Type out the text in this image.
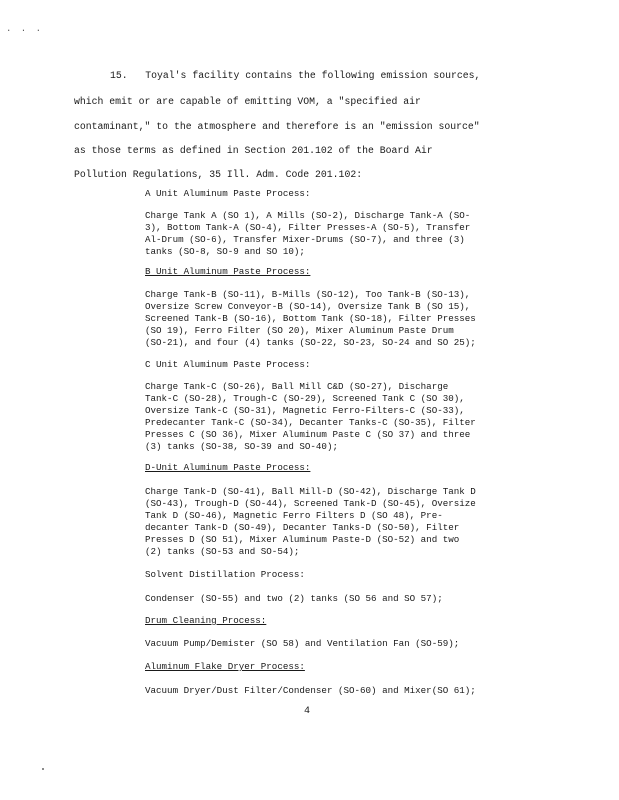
· · ·
15. Toyal's facility contains the following emission sources,
which emit or are capable of emitting VOM, a "specified air
contaminant," to the atmosphere and therefore is an "emission source"
as those terms as defined in Section 201.102 of the Board Air
Pollution Regulations, 35 Ill. Adm. Code 201.102:
A Unit Aluminum Paste Process:
Charge Tank A (SO 1), A Mills (SO-2), Discharge Tank-A (SO-
3), Bottom Tank-A (SO-4), Filter Presses-A (SO-5), Transfer
Al-Drum (SO-6), Transfer Mixer-Drums (SO-7), and three (3)
tanks (SO-8, SO-9 and SO 10);
B Unit Aluminum Paste Process:
Charge Tank-B (SO-11), B-Mills (SO-12), Too Tank-B (SO-13),
Oversize Screw Conveyor-B (SO-14), Oversize Tank B (SO 15),
Screened Tank-B (SO-16), Bottom Tank (SO-18), Filter Presses
(SO 19), Ferro Filter (SO 20), Mixer Aluminum Paste Drum
(SO-21), and four (4) tanks (SO-22, SO-23, SO-24 and SO 25);
C Unit Aluminum Paste Process:
Charge Tank-C (SO-26), Ball Mill C&D (SO-27), Discharge
Tank-C (SO-28), Trough-C (SO-29), Screened Tank C (SO 30),
Oversize Tank-C (SO-31), Magnetic Ferro-Filters-C (SO-33),
Predecanter Tank-C (SO-34), Decanter Tanks-C (SO-35), Filter
Presses C (SO 36), Mixer Aluminum Paste C (SO 37) and three
(3) tanks (SO-38, SO-39 and SO-40);
D-Unit Aluminum Paste Process:
Charge Tank-D (SO-41), Ball Mill-D (SO-42), Discharge Tank D
(SO-43), Trough-D (SO-44), Screened Tank-D (SO-45), Oversize
Tank D (SO-46), Magnetic Ferro Filters D (SO 48), Pre-
decanter Tank-D (SO-49), Decanter Tanks-D (SO-50), Filter
Presses D (SO 51), Mixer Aluminum Paste-D (SO-52) and two
(2) tanks (SO-53 and SO-54);
Solvent Distillation Process:
Condenser (SO-55) and two (2) tanks (SO 56 and SO 57);
Drum Cleaning Process:
Vacuum Pump/Demister (SO 58) and Ventilation Fan (SO-59);
Aluminum Flake Dryer Process:
Vacuum Dryer/Dust Filter/Condenser (SO-60) and Mixer(SO 61);
4
